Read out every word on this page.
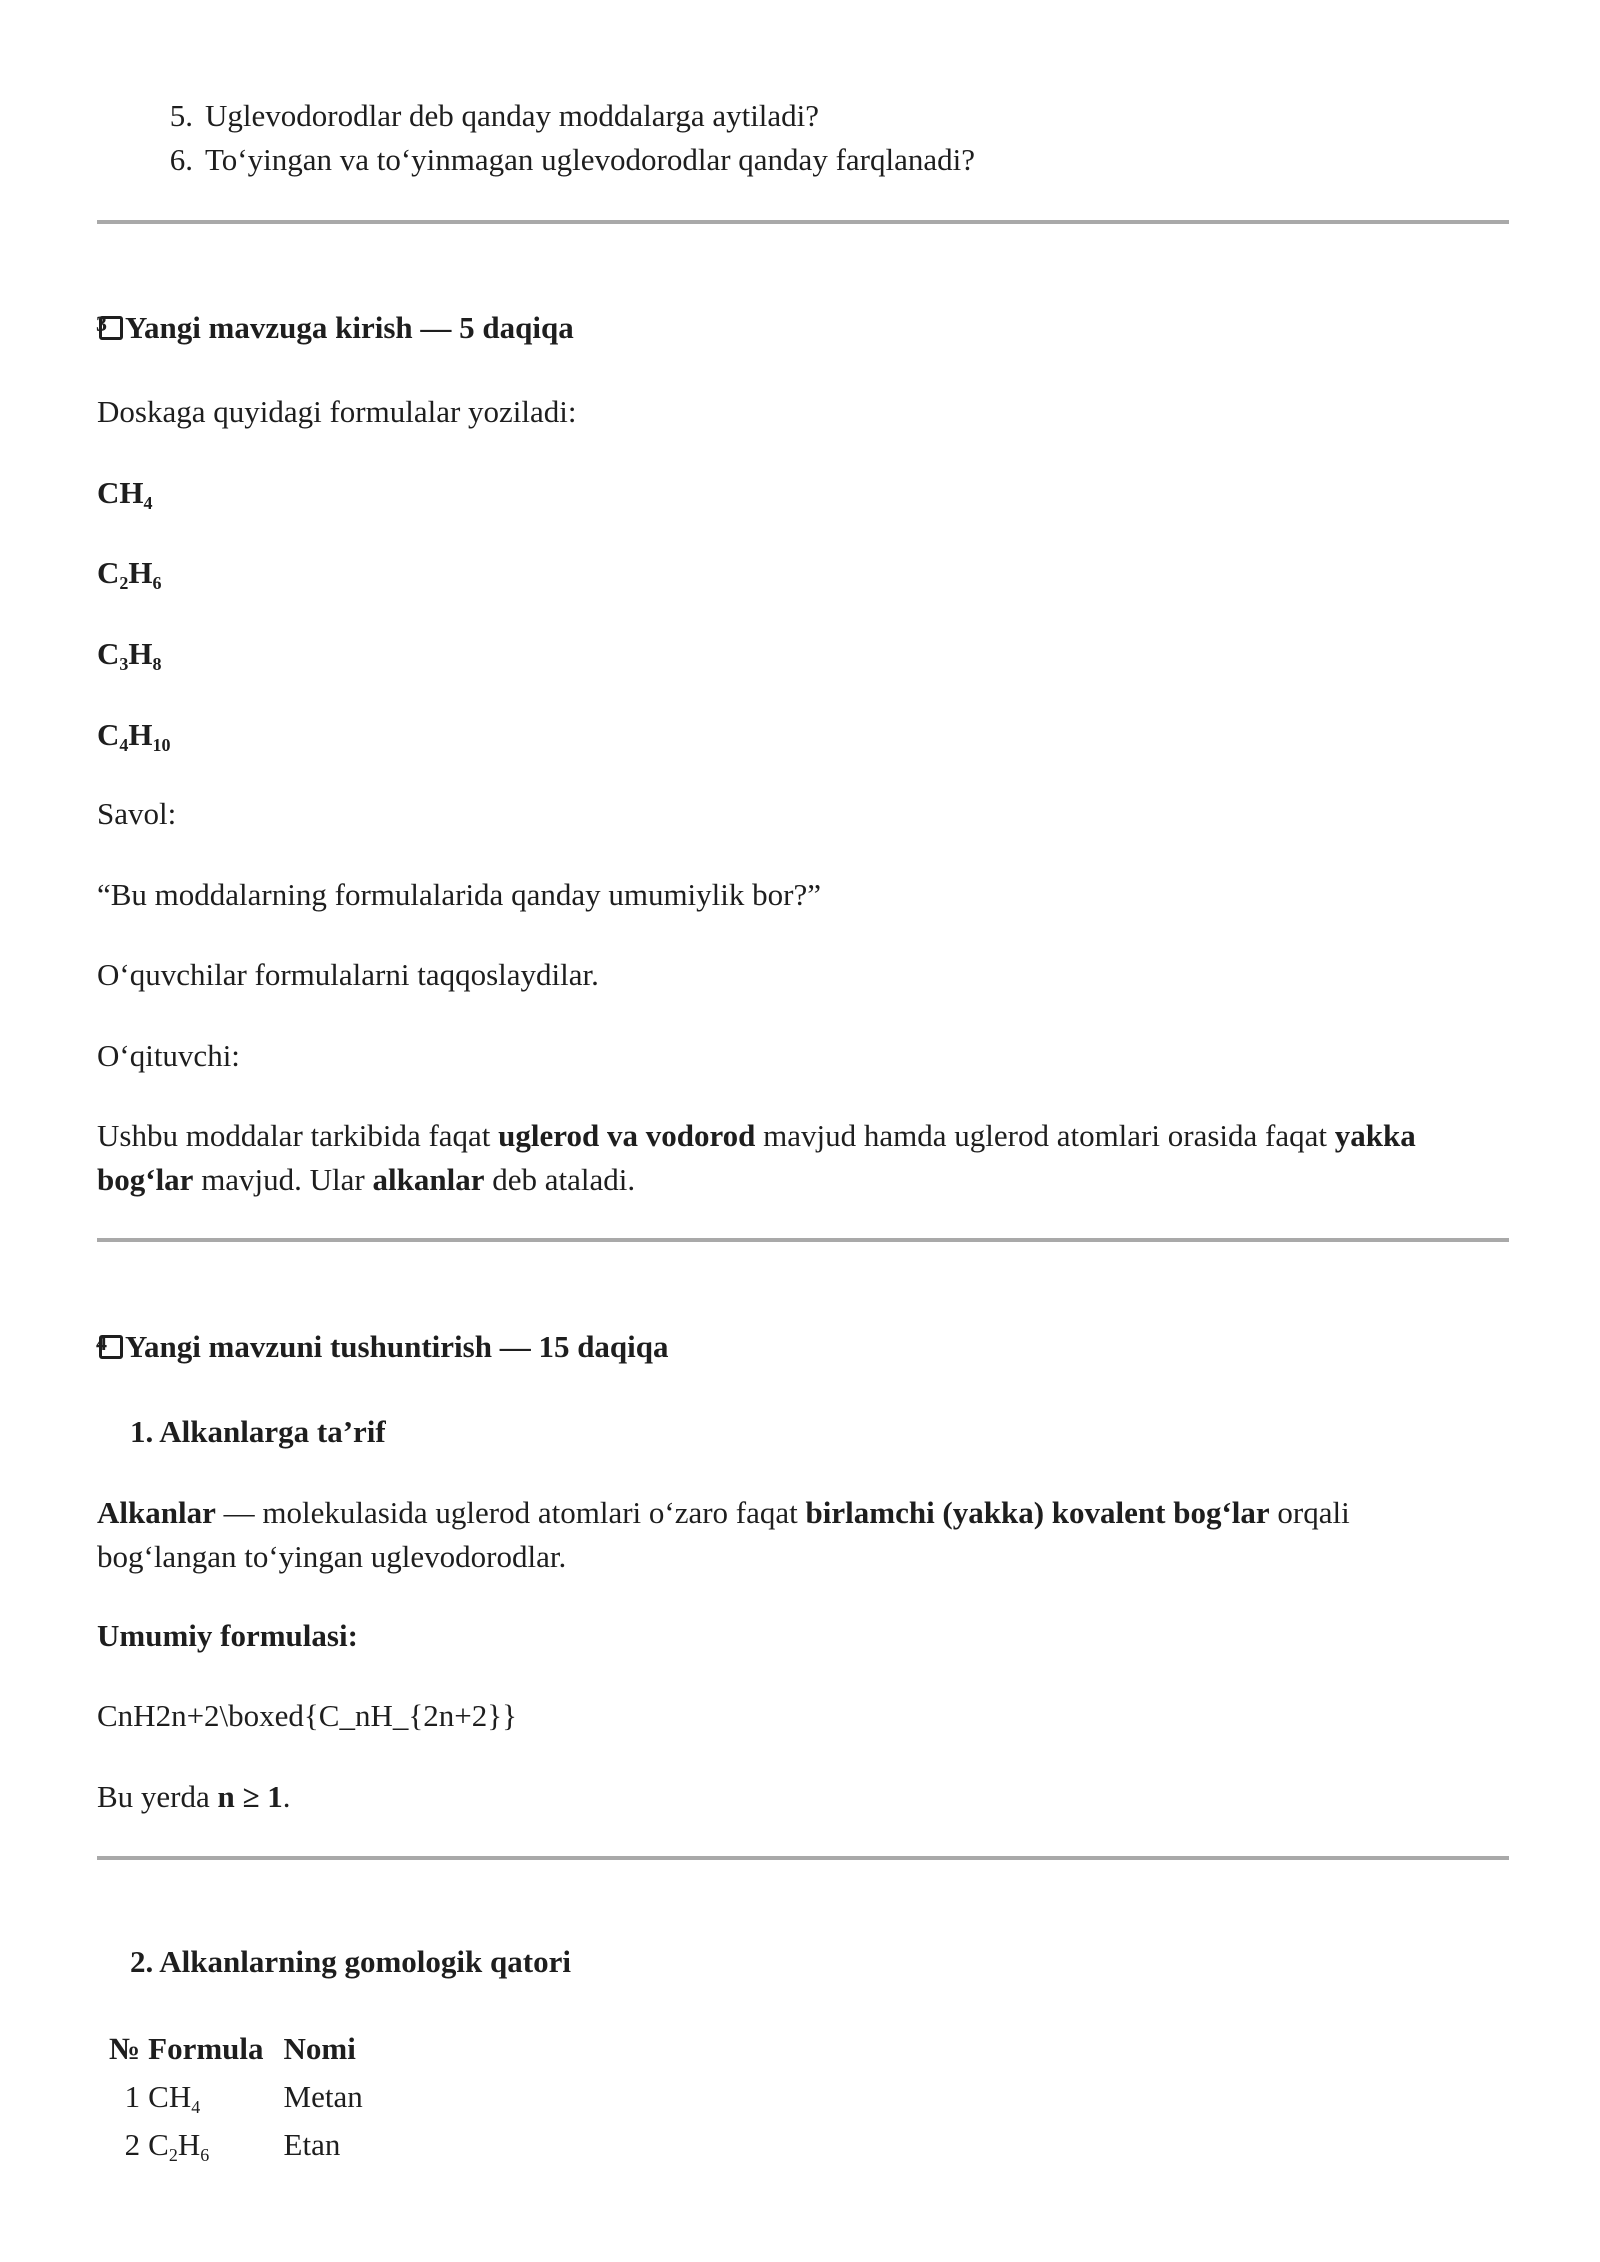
5. Uglevodorodlar deb qanday moddalarga aytiladi?
6. To‘yingan va to‘yinmagan uglevodorodlar qanday farqlanadi?
3 Yangi mavzuga kirish — 5 daqiqa
Doskaga quyidagi formulalar yoziladi:
$CH_4$
$C_2H_6$
$C_3H_8$
$C_4H_{10}$
Savol:
“Bu moddalarning formulalarida qanday umumiylik bor?”
O‘quvchilar formulalarni taqqoslaydilar.
O‘qituvchi:
Ushbu moddalar tarkibida faqat uglerod va vodorod mavjud hamda uglerod atomlari orasida faqat yakka
bog‘lar mavjud. Ular alkanlar deb ataladi.
4 Yangi mavzuni tushuntirish — 15 daqiqa
1. Alkanlarga ta’rif
Alkanlar — molekulasida uglerod atomlari o‘zaro faqat birlamchi (yakka) kovalent bog‘lar orqali
bog‘langan to‘yingan uglevodorodlar.
Umumiy formulasi:
CnH2n+2\boxed{C_nH_{2n+2}}
Bu yerda n ≥ 1.
2. Alkanlarning gomologik qatori
№	Formula	Nomi
1	$CH_4$	Metan
2	$C_2H_6$	Etan
